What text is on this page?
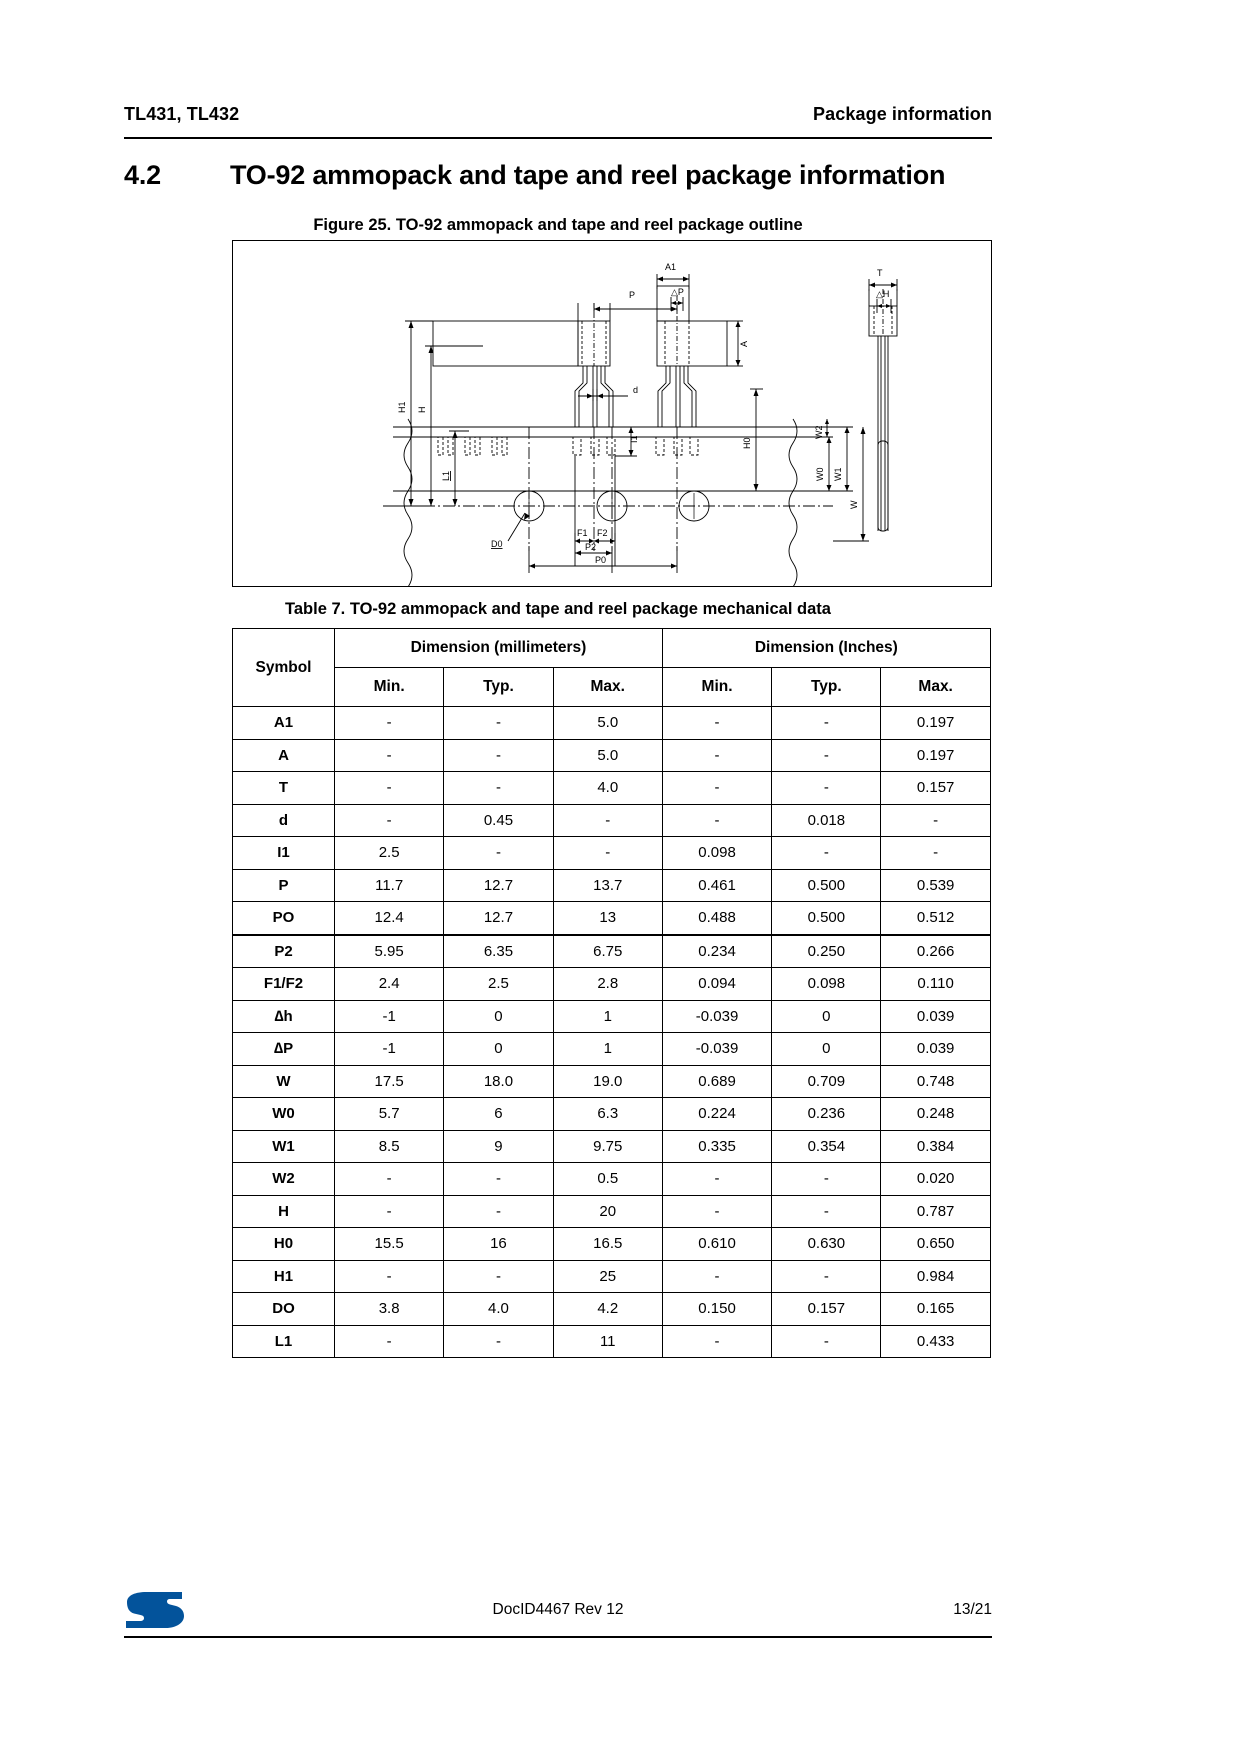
TL431, TL432	Package information
4.2	TO-92 ammopack and tape and reel package information
Figure 25. TO-92 ammopack and tape and reel package outline
A1
△P
P
T
△H
A
d
I1
H1 H
L1
H0
W2
W0 W1
W
D0
F1 F2
P2
P0
Table 7. TO-92 ammopack and tape and reel package mechanical data
Symbol	Dimension (millimeters)			Dimension (Inches)		
	Min.	Typ.	Max.	Min.	Typ.	Max.
A1	-	-	5.0	-	-	0.197
A	-	-	5.0	-	-	0.197
T	-	-	4.0	-	-	0.157
d	-	0.45	-	-	0.018	-
I1	2.5	-	-	0.098	-	-
P	11.7	12.7	13.7	0.461	0.500	0.539
PO	12.4	12.7	13	0.488	0.500	0.512
P2	5.95	6.35	6.75	0.234	0.250	0.266
F1/F2	2.4	2.5	2.8	0.094	0.098	0.110
∆h	-1	0	1	-0.039	0	0.039
∆P	-1	0	1	-0.039	0	0.039
W	17.5	18.0	19.0	0.689	0.709	0.748
W0	5.7	6	6.3	0.224	0.236	0.248
W1	8.5	9	9.75	0.335	0.354	0.384
W2	-	-	0.5	-	-	0.020
H	-	-	20	-	-	0.787
H0	15.5	16	16.5	0.610	0.630	0.650
H1	-	-	25	-	-	0.984
DO	3.8	4.0	4.2	0.150	0.157	0.165
L1	-	-	11	-	-	0.433
DocID4467 Rev 12	13/21
